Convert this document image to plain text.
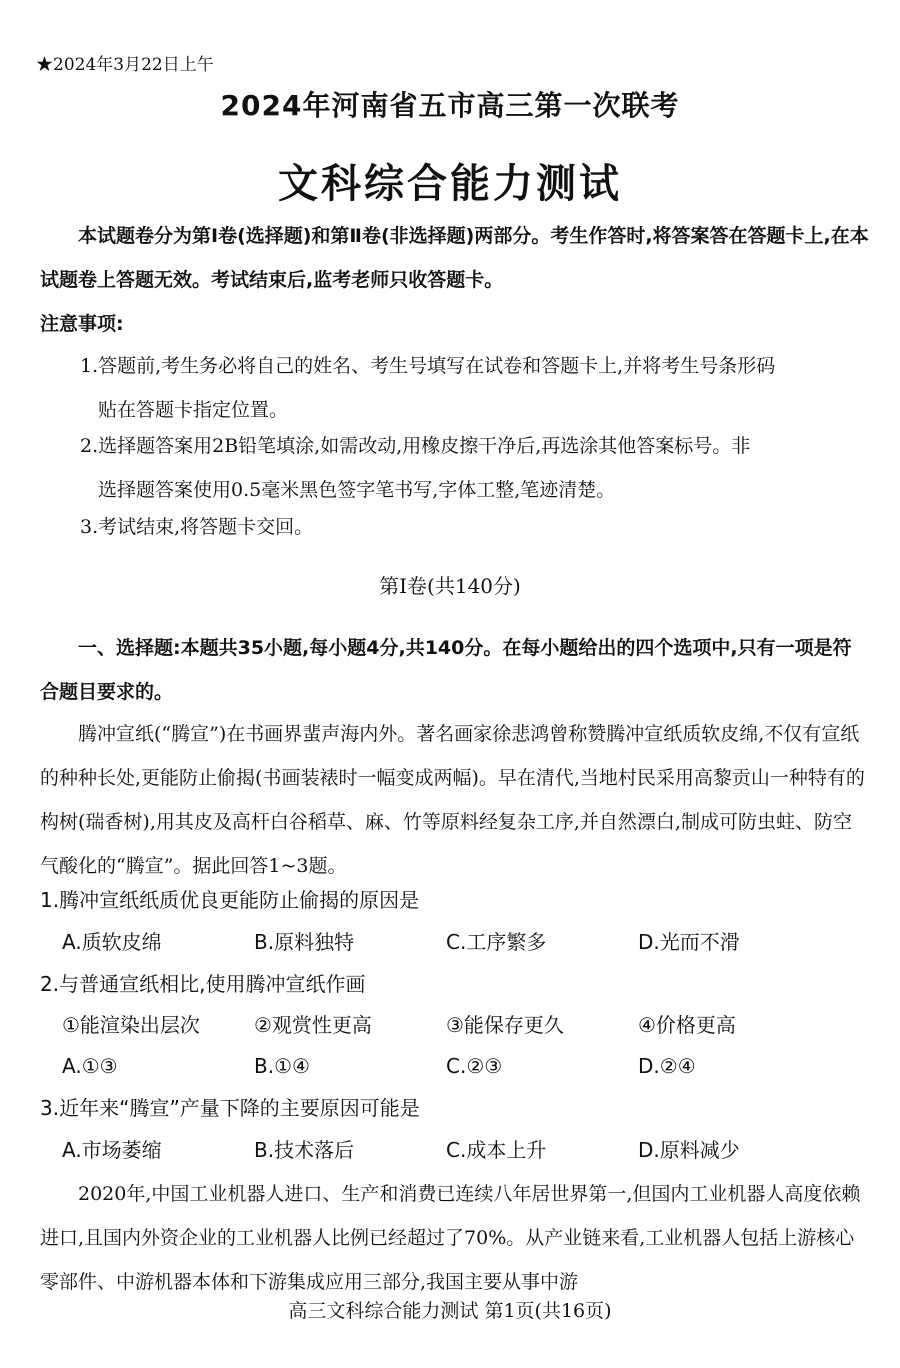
★2024年3月22日上午
2024年河南省五市高三第一次联考
文科综合能力测试
本试题卷分为第Ⅰ卷(选择题)和第Ⅱ卷(非选择题)两部分。考生作答时,将答案答在答题卡上,在本试题卷上答题无效。考试结束后,监考老师只收答题卡。
注意事项:
1.答题前,考生务必将自己的姓名、考生号填写在试卷和答题卡上,并将考生号条形码
贴在答题卡指定位置。
2.选择题答案用2B铅笔填涂,如需改动,用橡皮擦干净后,再选涂其他答案标号。非
选择题答案使用0.5毫米黑色签字笔书写,字体工整,笔迹清楚。
3.考试结束,将答题卡交回。
第Ⅰ卷(共140分)
一、选择题:本题共35小题,每小题4分,共140分。在每小题给出的四个选项中,只有一项是符合题目要求的。
腾冲宣纸(“腾宣”)在书画界蜚声海内外。著名画家徐悲鸿曾称赞腾冲宣纸质软皮绵,不仅有宣纸的种种长处,更能防止偷揭(书画装裱时一幅变成两幅)。早在清代,当地村民采用高黎贡山一种特有的构树(瑞香树),用其皮及高杆白谷稻草、麻、竹等原料经复杂工序,并自然漂白,制成可防虫蛀、防空气酸化的“腾宣”。据此回答1~3题。
1.腾冲宣纸纸质优良更能防止偷揭的原因是
A.质软皮绵	B.原料独特	C.工序繁多	D.光而不滑
2.与普通宣纸相比,使用腾冲宣纸作画
①能渲染出层次	②观赏性更高	③能保存更久	④价格更高
A.①③	B.①④	C.②③	D.②④
3.近年来“腾宣”产量下降的主要原因可能是
A.市场萎缩	B.技术落后	C.成本上升	D.原料减少
2020年,中国工业机器人进口、生产和消费已连续八年居世界第一,但国内工业机器人高度依赖进口,且国内外资企业的工业机器人比例已经超过了70%。从产业链来看,工业机器人包括上游核心零部件、中游机器本体和下游集成应用三部分,我国主要从事中游
高三文科综合能力测试 第1页(共16页)
